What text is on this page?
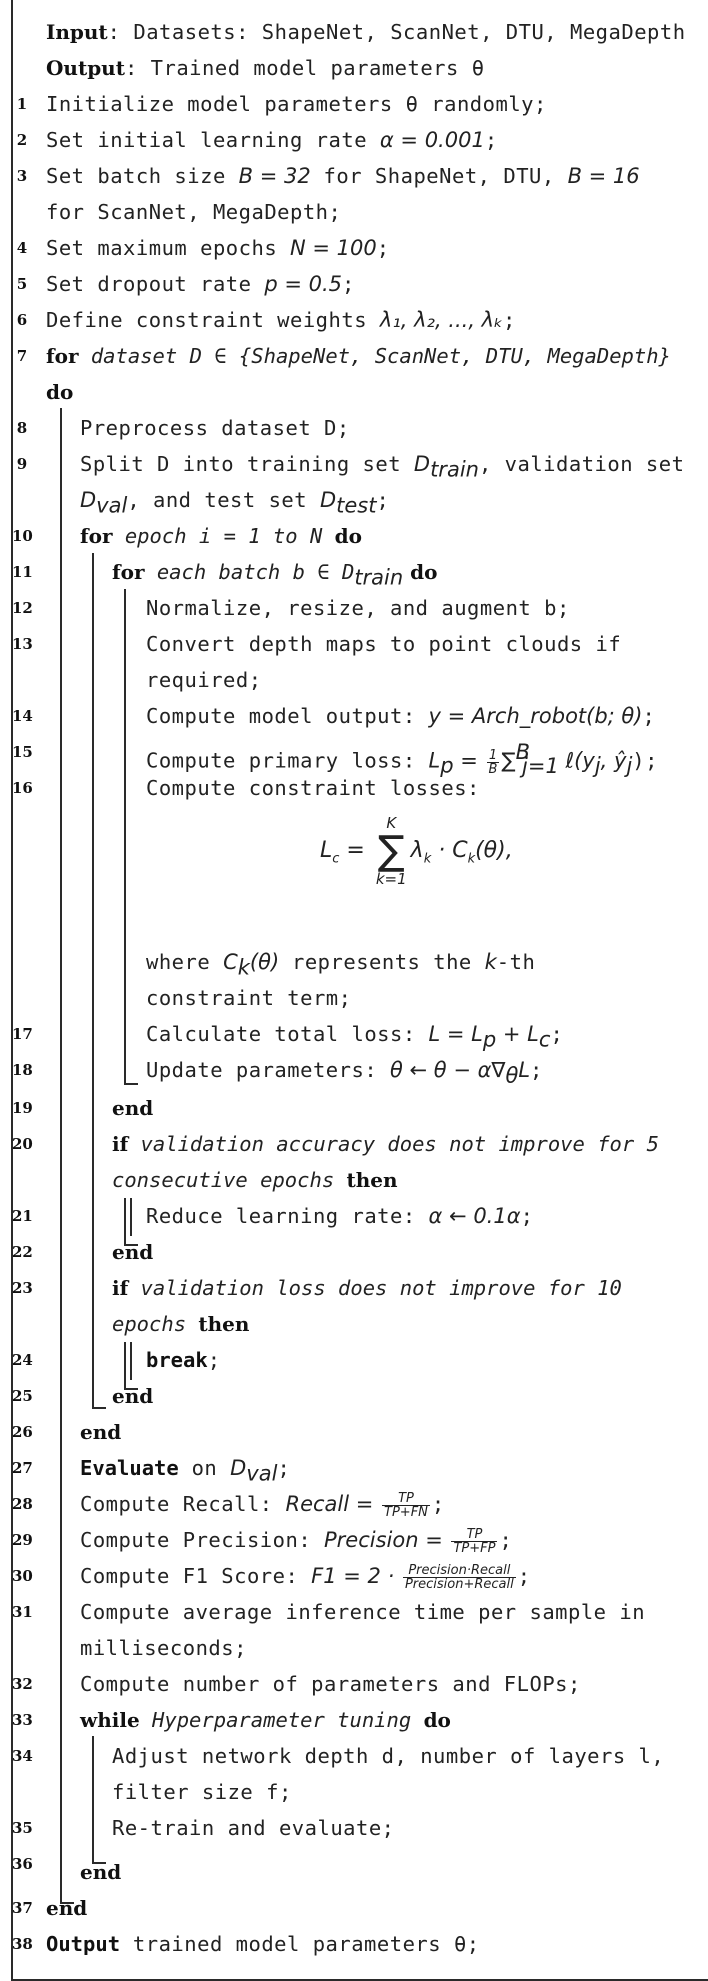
Input: Datasets: ShapeNet, ScanNet, DTU, MegaDepth
Output: Trained model parameters θ
1
2
3
4
5
6
7
8
9
10
11
12
13
14
15
16
17
18
19
20
21
22
23
24
25
26
27
28
29
30
31
32
33
34
35
36
37
38
Initialize model parameters θ randomly;
Set initial learning rate α = 0.001;
Set batch size B = 32 for ShapeNet, DTU, B = 16
for ScanNet, MegaDepth;
Set maximum epochs N = 100;
Set dropout rate p = 0.5;
Define constraint weights λ₁, λ₂, ..., λₖ;
for dataset D ∈ {ShapeNet, ScanNet, DTU, MegaDepth}
do
Preprocess dataset D;
Split D into training set $D_{train}$, validation set
$D_{val}$, and test set $D_{test}$;
for epoch i = 1 to N do
for each batch b ∈ $D_{train}$ do
Normalize, resize, and augment b;
Convert depth maps to point clouds if
required;
Compute model output: y = Arch_robot(b; θ);
Compute primary loss: $L_p = \frac{1}{B} \sum^B_{j=1}$ $\ell(y_j$, $ŷ_j$);
Compute constraint losses:
$L_c$ =
K
∑
k=1
$\lambda_k \cdot C_k(\theta)$,
where $C_k(\theta)$ represents the k-th
constraint term;
Calculate total loss: $L = L_p + L_c$;
Update parameters: θ ← $\theta - \alpha\nabla_\theta L$;
end
if validation accuracy does not improve for 5
consecutive epochs then
Reduce learning rate: α ← 0.1α;
end
if validation loss does not improve for 10
epochs then
break;
end
end
Evaluate on $D_{val}$;
Compute Recall: Recall = $\frac{TP}{TP+FN}$ ;
Compute Precision: Precision = $\frac{TP}{TP+FP}$ ;
Compute F1 Score: $F1 = 2 \cdot \frac{\text{Precision·Recall}}{\text{Precision+Recall}}$ ;
Compute average inference time per sample in
milliseconds;
Compute number of parameters and FLOPs;
while Hyperparameter tuning do
Adjust network depth d, number of layers l,
filter size f;
Re-train and evaluate;
end
end
Output trained model parameters θ;
